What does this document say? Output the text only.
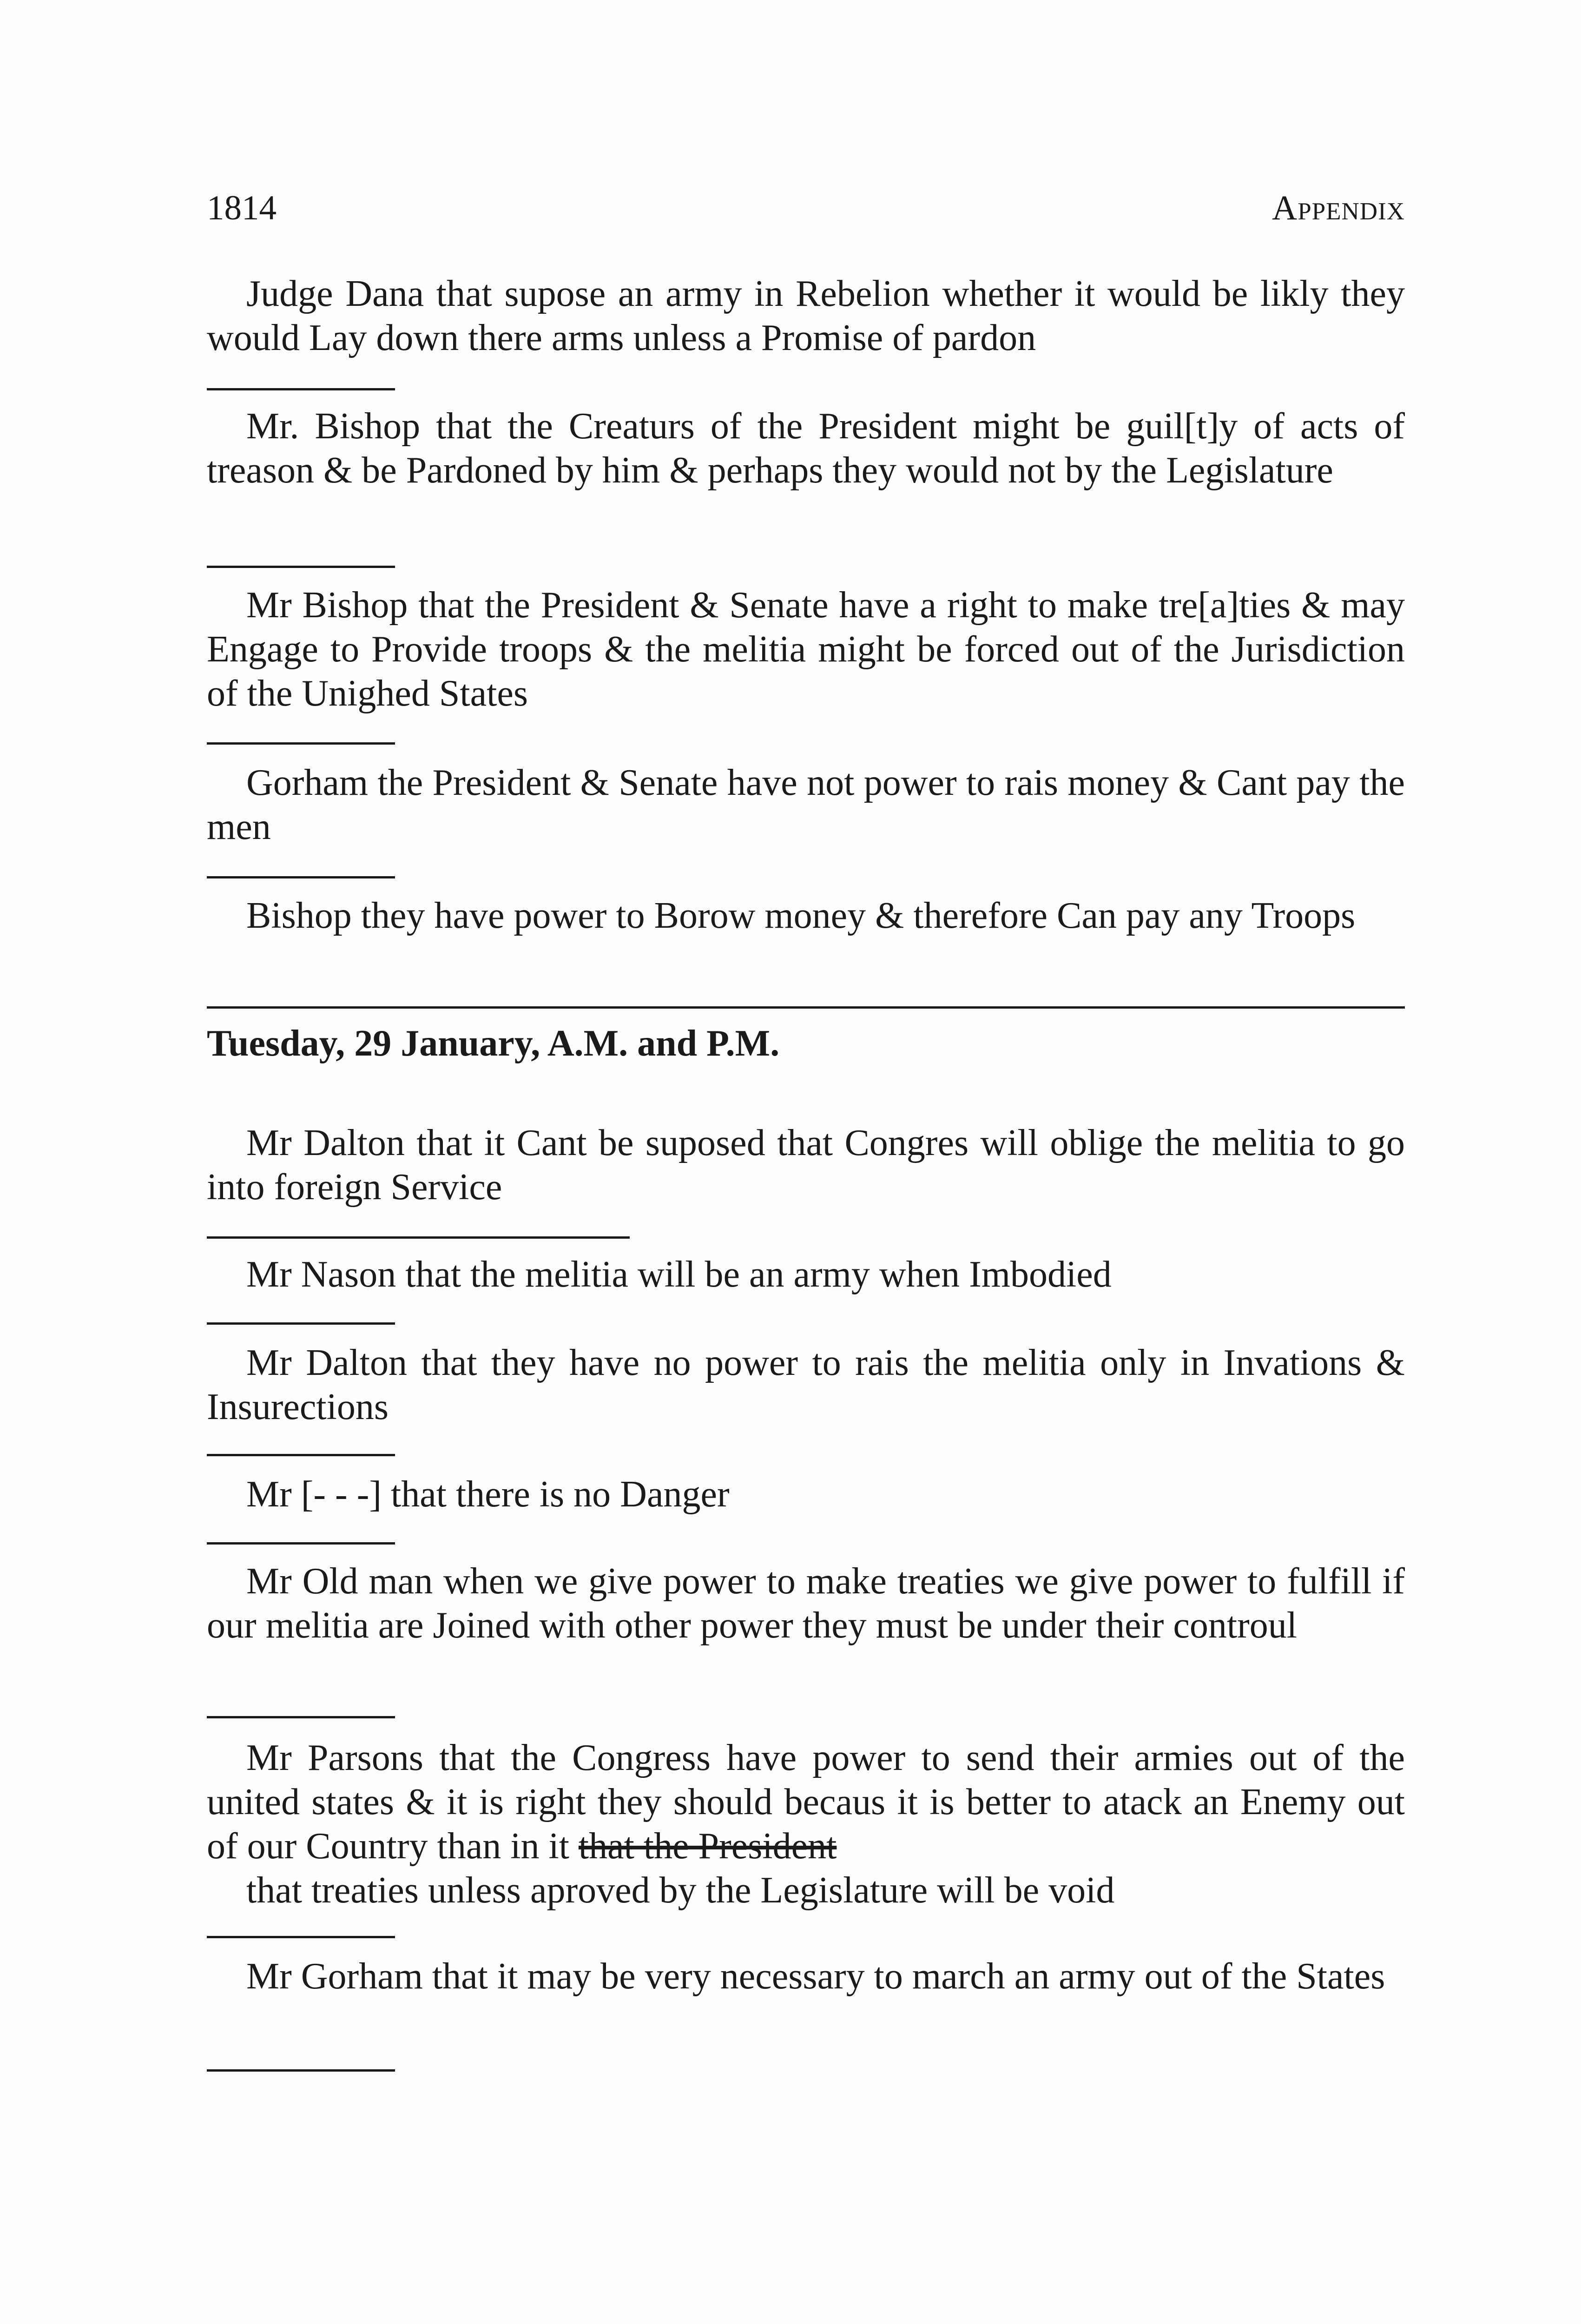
1814	Appendix
Judge Dana that supose an army in Rebelion whether it would be likly they would Lay down there arms unless a Promise of pardon
Mr. Bishop that the Creaturs of the President might be guil[t]y of acts of treason & be Pardoned by him & perhaps they would not by the Legislature
Mr Bishop that the President & Senate have a right to make tre[a]ties & may Engage to Provide troops & the melitia might be forced out of the Jurisdiction of the Unighed States
Gorham the President & Senate have not power to rais money & Cant pay the men
Bishop they have power to Borow money & therefore Can pay any Troops
Tuesday, 29 January, A.M. and P.M.
Mr Dalton that it Cant be suposed that Congres will oblige the melitia to go into foreign Service
Mr Nason that the melitia will be an army when Imbodied
Mr Dalton that they have no power to rais the melitia only in Invations & Insurections
Mr [- - -] that there is no Danger
Mr Old man when we give power to make treaties we give power to fulfill if our melitia are Joined with other power they must be under their controul
Mr Parsons that the Congress have power to send their armies out of the united states & it is right they should becaus it is better to atack an Enemy out of our Country than in it that the President
that treaties unless aproved by the Legislature will be void
Mr Gorham that it may be very necessary to march an army out of the States
